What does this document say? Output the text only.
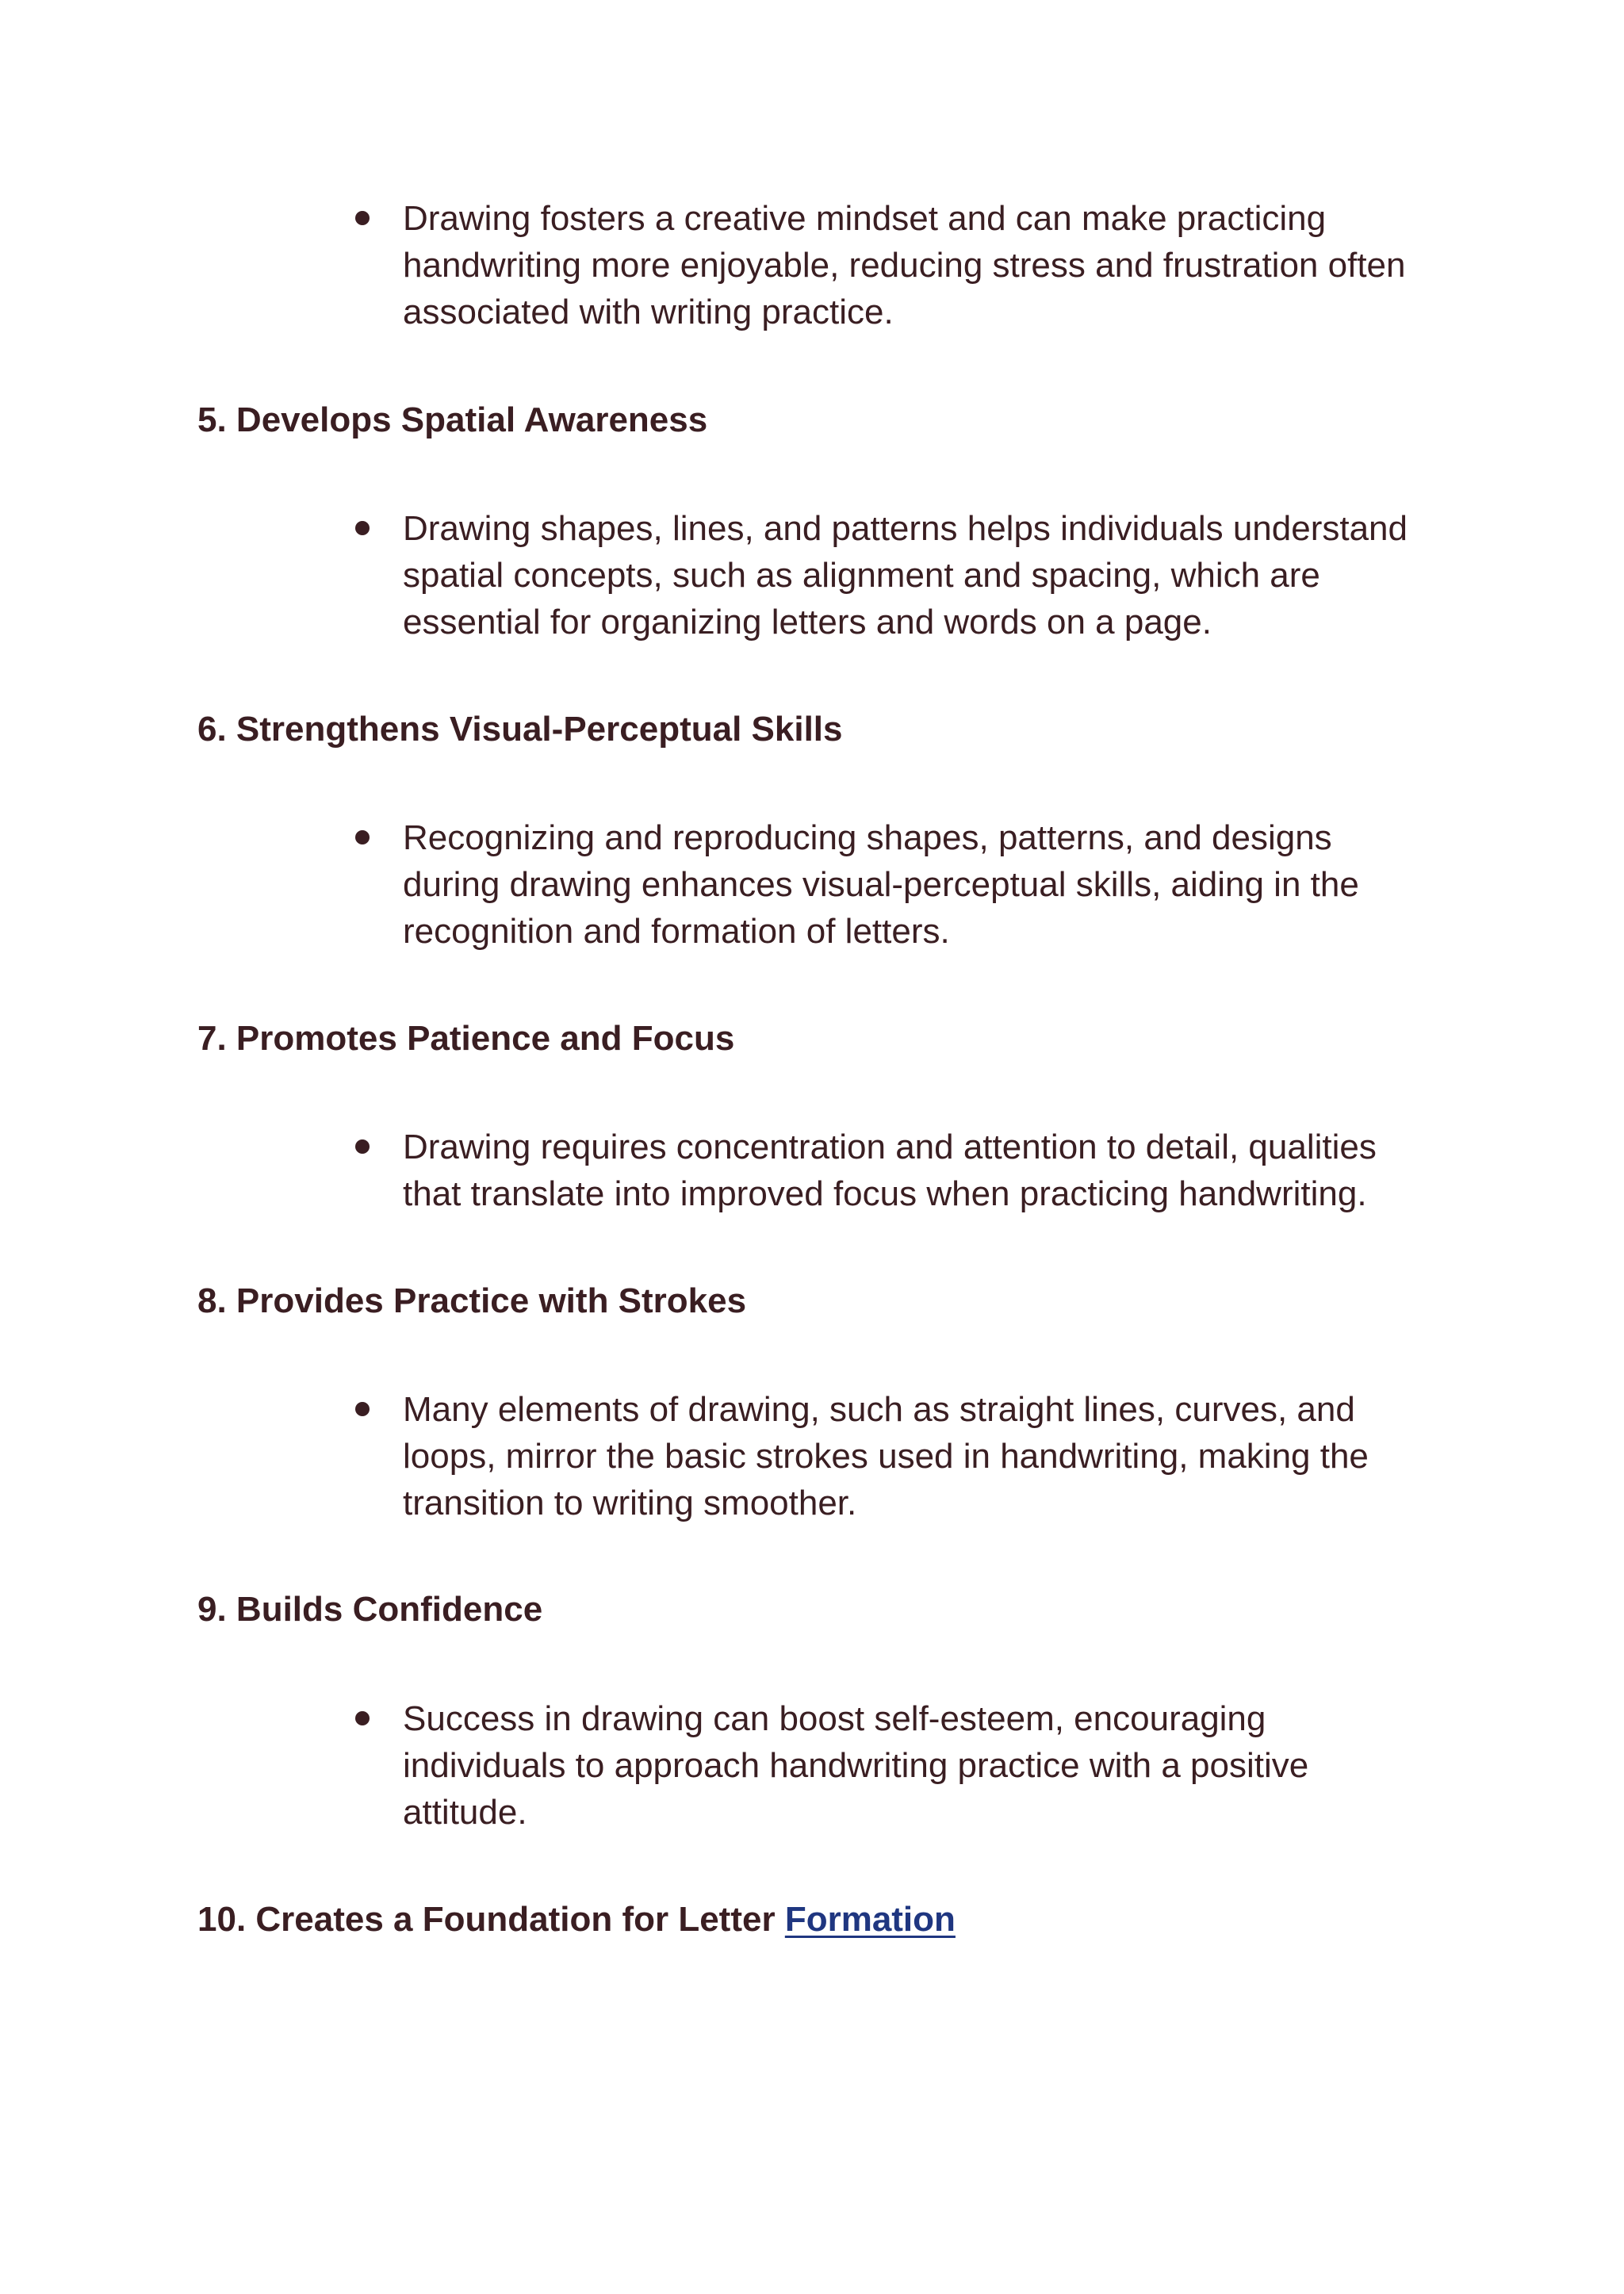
Drawing fosters a creative mindset and can make practicing
handwriting more enjoyable, reducing stress and frustration often
associated with writing practice.
5. Develops Spatial Awareness
Drawing shapes, lines, and patterns helps individuals understand
spatial concepts, such as alignment and spacing, which are
essential for organizing letters and words on a page.
6. Strengthens Visual-Perceptual Skills
Recognizing and reproducing shapes, patterns, and designs
during drawing enhances visual-perceptual skills, aiding in the
recognition and formation of letters.
7. Promotes Patience and Focus
Drawing requires concentration and attention to detail, qualities
that translate into improved focus when practicing handwriting.
8. Provides Practice with Strokes
Many elements of drawing, such as straight lines, curves, and
loops, mirror the basic strokes used in handwriting, making the
transition to writing smoother.
9. Builds Confidence
Success in drawing can boost self-esteem, encouraging
individuals to approach handwriting practice with a positive
attitude.
10. Creates a Foundation for Letter Formation
